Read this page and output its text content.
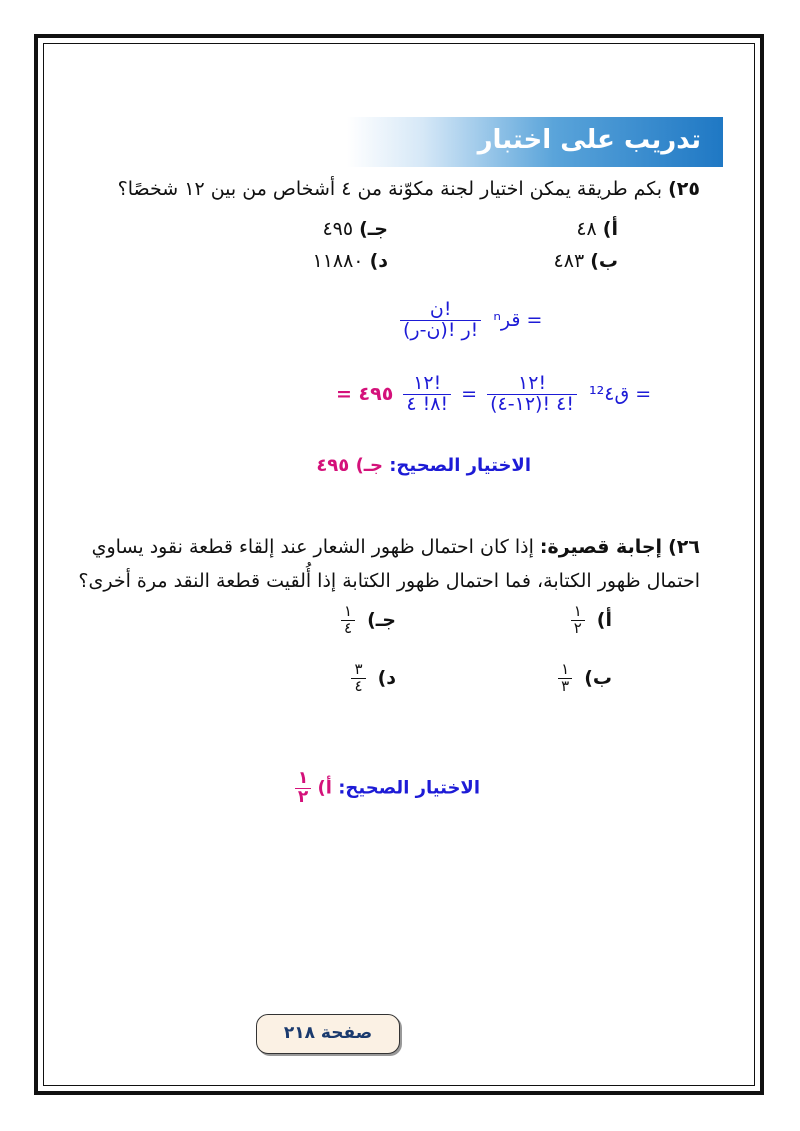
تدريب على اختبار
٢٥) بكم طريقة يمكن اختيار لجنة مكوّنة من ٤ أشخاص من بين ١٢ شخصًا؟
أ) ٤٨
ب) ٤٨٣
جـ) ٤٩٥
د) ١١٨٨٠
$\frac{\text{ن!}}{\text{(ن-ر)! ر!}}$ ⁿقر =
= ٤٩٥ $\frac{١٢!}{٨! ٤!} = \frac{١٢!}{(١٢-٤)! ٤!}$ ¹²ق٤ =
الاختيار الصحيح: جـ) ٤٩٥
٢٦) إجابة قصيرة: إذا كان احتمال ظهور الشعار عند إلقاء قطعة نقود يساوي
احتمال ظهور الكتابة، فما احتمال ظهور الكتابة إذا أُلقيت قطعة النقد مرة أخرى؟
أ)
$\frac{١}{٢}$
ب)
$\frac{١}{٣}$
جـ)
$\frac{١}{٤}$
د)
$\frac{٣}{٤}$
الاختيار الصحيح: أ)
$\frac{١}{٢}$
صفحة ٢١٨
